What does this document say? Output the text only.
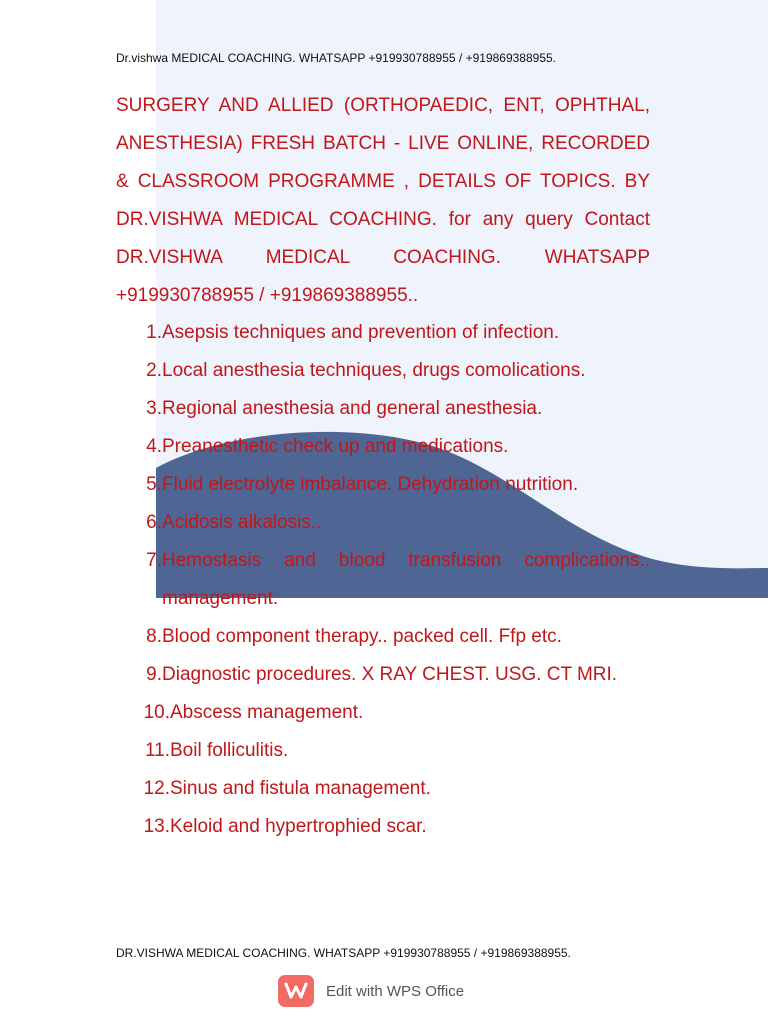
Dr.vishwa MEDICAL COACHING. WHATSAPP +919930788955 / +919869388955.

SURGERY AND ALLIED (ORTHOPAEDIC, ENT, OPHTHAL, ANESTHESIA) FRESH BATCH - LIVE ONLINE, RECORDED & CLASSROOM PROGRAMME , DETAILS OF TOPICS. BY DR.VISHWA MEDICAL COACHING. for any query Contact DR.VISHWA MEDICAL COACHING. WHATSAPP +919930788955 / +919869388955..

1. Asepsis techniques and prevention of infection.
2. Local anesthesia techniques, drugs comolications.
3. Regional anesthesia and general anesthesia.
4. Preanesthetic check up and medications.
5. Fluid electrolyte imbalance. Dehydration nutrition.
6. Acidosis alkalosis..
7. Hemostasis and blood transfusion complications..
management.
8. Blood component therapy.. packed cell. Ffp etc.
9. Diagnostic procedures. X RAY CHEST. USG. CT MRI.
10. Abscess management.
11. Boil folliculitis.
12. Sinus and fistula management.
13. Keloid and hypertrophied scar.
DR.VISHWA MEDICAL COACHING. WHATSAPP +919930788955 / +919869388955.
Edit with WPS Office
